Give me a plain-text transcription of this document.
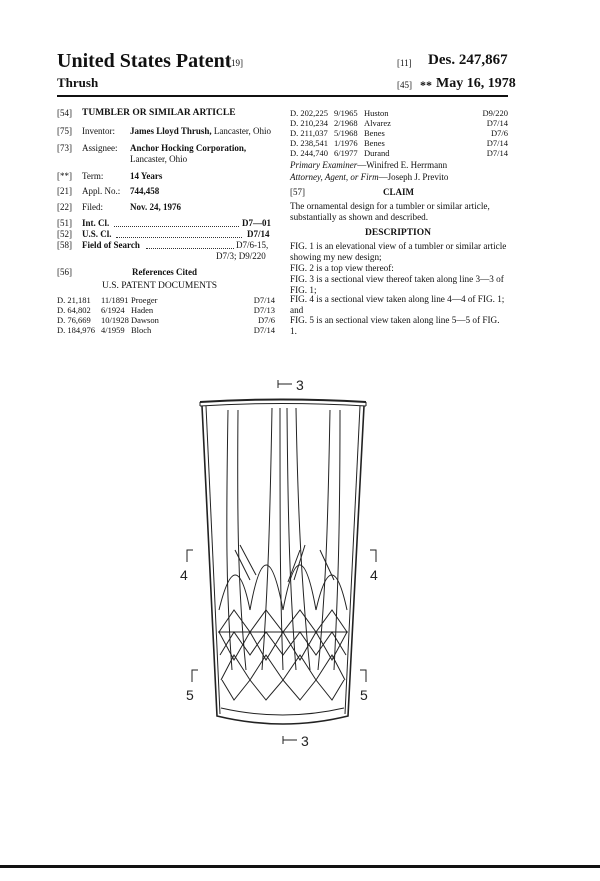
United States Patent
[19]
Thrush
[11] Des. 247,867
[45] ** May 16, 1978
[54] TUMBLER OR SIMILAR ARTICLE
[75] Inventor: James Lloyd Thrush, Lancaster, Ohio
[73] Assignee: Anchor Hocking Corporation,
Lancaster, Ohio
[**] Term:	14 Years
[21] Appl. No.: 744,458
[22] Filed:	Nov. 24, 1976
[51] Int. Cl.	D7—01
[52] U.S. Cl.	D7/14
[58] Field of Search	D7/6-15,
D7/3; D9/220
[56]	References Cited
U.S. PATENT DOCUMENTS
D. 21,181	11/1891	Proeger	D7/14
D. 64,802	6/1924	Haden	D7/13
D. 76,669	10/1928	Dawson	D7/6
D. 184,976	4/1959	Bloch	D7/14
D. 202,225	9/1965	Huston	D9/220
D. 210,234	2/1968	Alvarez	D7/14
D. 211,037	5/1968	Benes	D7/6
D. 238,541	1/1976	Benes	D7/14
D. 244,740	6/1977	Durand	D7/14
Primary Examiner—Winifred E. Herrmann
Attorney, Agent, or Firm—Joseph J. Previto
[57]	CLAIM

The ornamental design for a tumbler or similar article, substantially as shown and described.

DESCRIPTION

FIG. 1 is an elevational view of a tumbler or similar article showing my new design;

FIG. 2 is a top view thereof:

FIG. 3 is a sectional view thereof taken along line 3—3 of FIG. 1;

FIG. 4 is a sectional view taken along line 4—4 of FIG. 1; and

FIG. 5 is an sectional view taken along line 5—5 of FIG. 1.

3
3
4	4
5	5
